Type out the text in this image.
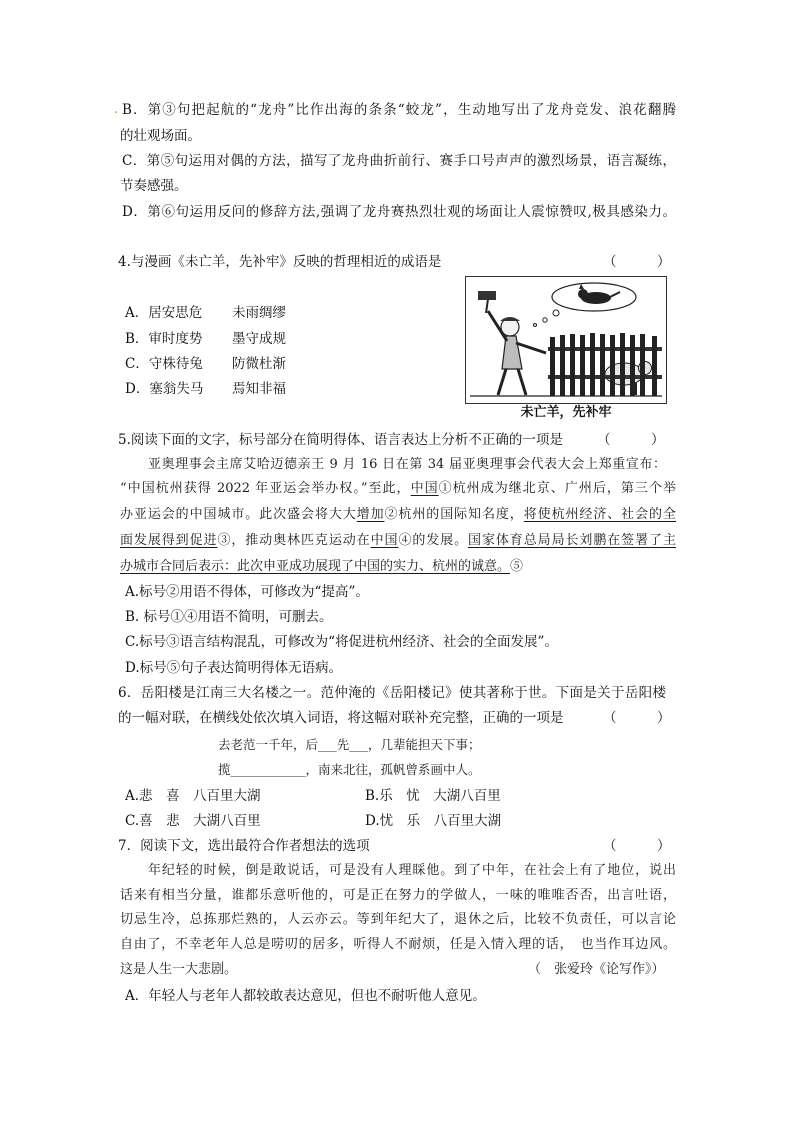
. B．第③句把起航的“龙舟”比作出海的条条“蛟龙”，生动地写出了龙舟竞发、浪花翻腾
的壮观场面。
C．第⑤句运用对偶的方法，描写了龙舟曲折前行、赛手口号声声的激烈场景，语言凝练，
节奏感强。
D．第⑥句运用反问的修辞方法,强调了龙舟赛热烈壮观的场面让人震惊赞叹,极具感染力。
4.与漫画《未亡羊，先补牢》反映的哲理相近的成语是	（　　　）
A．居安思危 未雨绸缪
B．审时度势 墨守成规
C．守株待兔 防微杜渐
D．塞翁失马 焉知非福
未亡羊，先补牢
5.阅读下面的文字，标号部分在简明得体、语言表达上分析不正确的一项是	（　　　）
亚奥理事会主席艾哈迈德亲王 9 月 16 日在第 34 届亚奥理事会代表大会上郑重宣布：
“中国杭州获得 2022 年亚运会举办权。”至此，中国①杭州成为继北京、广州后，第三个举
办亚运会的中国城市。此次盛会将大大增加②杭州的国际知名度，将使杭州经济、社会的全
面发展得到促进③，推动奥林匹克运动在中国④的发展。国家体育总局局长刘鹏在签署了主
办城市合同后表示：此次申亚成功展现了中国的实力、杭州的诚意。⑤
A.标号②用语不得体，可修改为“提高”。
B. 标号①④用语不简明，可删去。
C.标号③语言结构混乱，可修改为“将促进杭州经济、社会的全面发展”。
D.标号⑤句子表达简明得体无语病。
6．岳阳楼是江南三大名楼之一。范仲淹的《岳阳楼记》使其著称于世。下面是关于岳阳楼
的一幅对联，在横线处依次填入词语，将这幅对联补充完整，正确的一项是	（　　　）
去老范一千年，后___先___，几辈能担天下事；
揽____________，南来北往，孤帆曾系画中人。
A.悲　喜　八百里大湖	B.乐　忧　大湖八百里
C.喜　悲　大湖八百里	D.忧　乐　八百里大湖
7．阅读下文，选出最符合作者想法的选项	（　　　）
年纪轻的时候，倒是敢说话，可是没有人理睬他。到了中年，在社会上有了地位，说出
话来有相当分量，谁都乐意听他的，可是正在努力的学做人，一味的唯唯否否，出言吐语，
切忌生冷，总拣那烂熟的，人云亦云。等到年纪大了，退休之后，比较不负责任，可以言论
自由了，不幸老年人总是唠叨的居多，听得人不耐烦，任是入情入理的话，　也当作耳边风。
这是人生一大悲剧。	（　张爱玲《论写作》）
A．年轻人与老年人都较敢表达意见，但也不耐听他人意见。
